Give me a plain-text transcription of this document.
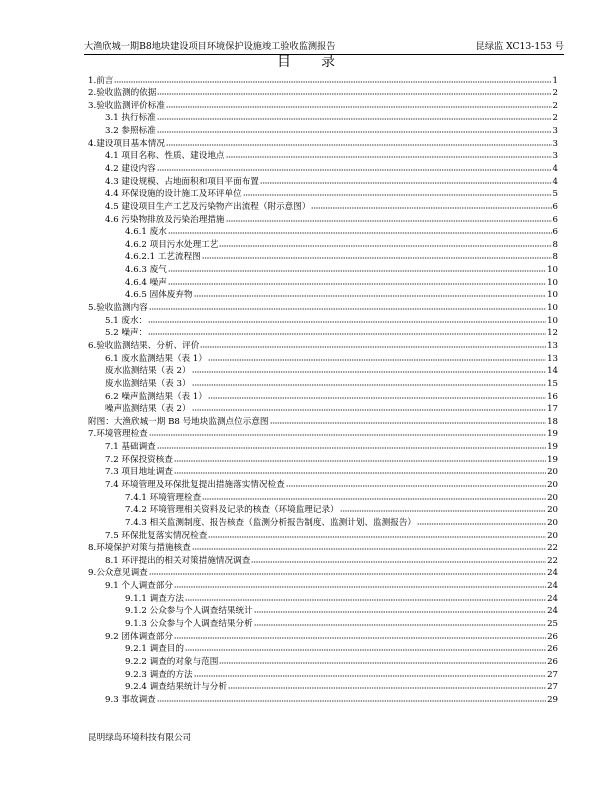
大渔欣城一期B8地块建设项目环境保护设施竣工验收监测报告	昆绿监 XC13-153 号
目录
1.前言	1
2.验收监测的依据	2
3.验收监测评价标准	2
3.1 执行标准	2
3.2 参照标准	3
4.建设项目基本情况	3
4.1 项目名称、性质、建设地点	3
4.2 建设内容	4
4.3 建设规模、占地面积和项目平面布置	4
4.4 环保设施的设计施工及环评单位	5
4.5 建设项目生产工艺及污染物产出流程（附示意图）	6
4.6 污染物排放及污染治理措施	6
4.6.1 废水	6
4.6.2 项目污水处理工艺	8
4.6.2.1 工艺流程图	8
4.6.3 废气	10
4.6.4 噪声	10
4.6.5 固体废弃物	10
5.验收监测内容	10
5.1 废水：	10
5.2 噪声：	12
6.验收监测结果、分析、评价	13
6.1 废水监测结果（表 1）	13
废水监测结果（表 2）	14
废水监测结果（表 3）	15
6.2 噪声监测结果（表 1）	16
噪声监测结果（表 2）	17
附图：大渔欣城一期 B8 号地块监测点位示意图	18
7.环境管理检查	19
7.1 基础调查	19
7.2 环保投资核查	19
7.3 项目地址调查	20
7.4 环境管理及环保批复提出措施落实情况检查	20
7.4.1 环境管理检查	20
7.4.2 环境管理相关资料及记录的核查（环境监理记录）	20
7.4.3 相关监测制度、报告核查（监测分析报告制度、监测计划、监测报告）	20
7.5 环保批复落实情况检查	20
8.环境保护对策与措施核查	22
8.1 环评提出的相关对策措施情况调查	22
9.公众意见调查	24
9.1 个人调查部分	24
9.1.1 调查方法	24
9.1.2 公众参与个人调查结果统计	24
9.1.3 公众参与个人调查结果分析	25
9.2 团体调查部分	26
9.2.1 调查目的	26
9.2.2 调查的对象与范围	26
9.2.3 调查的方法	27
9.2.4 调查结果统计与分析	27
9.3 事故调查	29
昆明绿岛环境科技有限公司
